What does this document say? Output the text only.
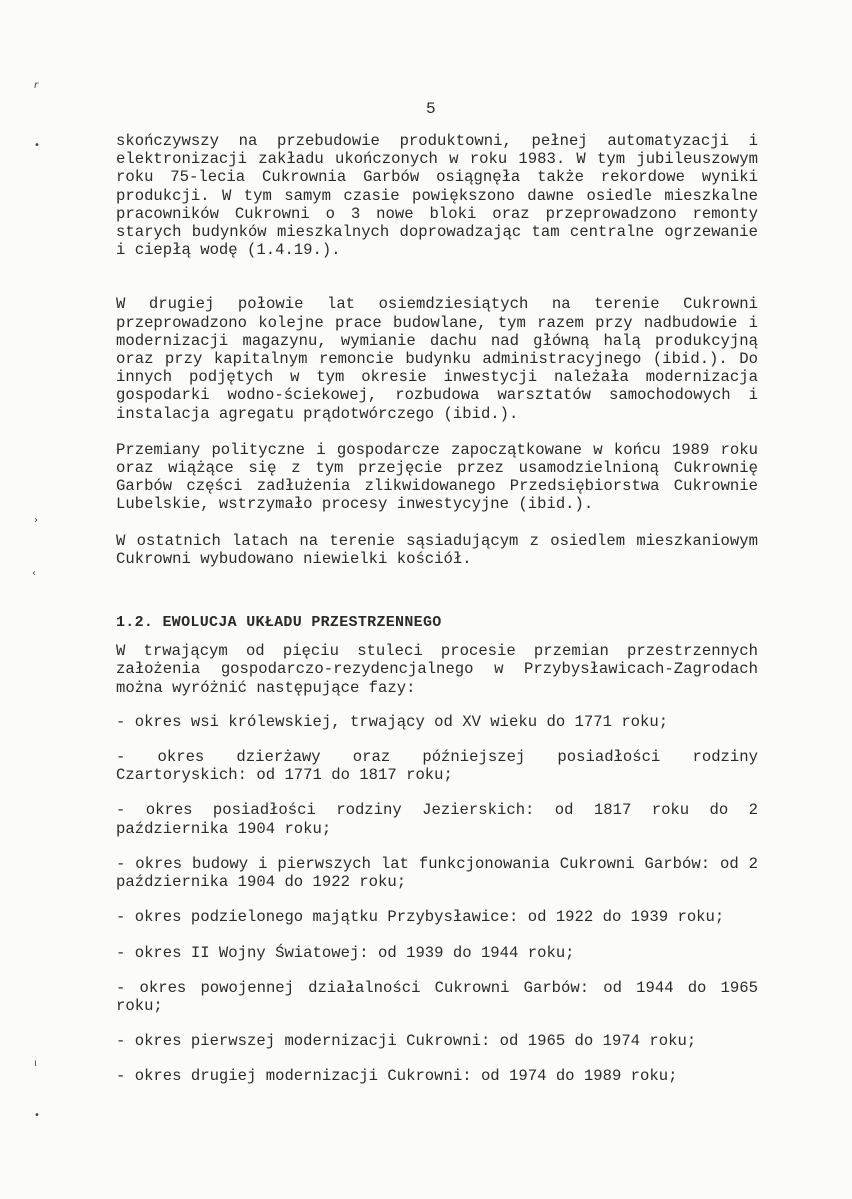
r
•
›
‹
ı
•
5

skończywszy na przebudowie produktowni, pełnej automatyzacji i elektronizacji zakładu ukończonych w roku 1983. W tym jubileuszowym roku 75-lecia Cukrownia Garbów osiągnęła także rekordowe wyniki produkcji. W tym samym czasie powiększono dawne osiedle mieszkalne pracowników Cukrowni o 3 nowe bloki oraz przeprowadzono remonty starych budynków mieszkalnych doprowadzając tam centralne ogrzewanie i ciepłą wodę (1.4.19.).

W drugiej połowie lat osiemdziesiątych na terenie Cukrowni przeprowadzono kolejne prace budowlane, tym razem przy nadbudowie i modernizacji magazynu, wymianie dachu nad główną halą produkcyjną oraz przy kapitalnym remoncie budynku administracyjnego (ibid.). Do innych podjętych w tym okresie inwestycji należała modernizacja gospodarki wodno-ściekowej, rozbudowa warsztatów samochodowych i instalacja agregatu prądotwórczego (ibid.).

Przemiany polityczne i gospodarcze zapoczątkowane w końcu 1989 roku oraz wiążące się z tym przejęcie przez usamodzielnioną Cukrownię Garbów części zadłużenia zlikwidowanego Przedsiębiorstwa Cukrownie Lubelskie, wstrzymało procesy inwestycyjne (ibid.).

W ostatnich latach na terenie sąsiadującym z osiedlem mieszkaniowym Cukrowni wybudowano niewielki kościół.

1.2. EWOLUCJA UKŁADU PRZESTRZENNEGO

W trwającym od pięciu stuleci procesie przemian przestrzennych założenia gospodarczo-rezydencjalnego w Przybysławicach-Zagrodach można wyróżnić następujące fazy:

- okres wsi królewskiej, trwający od XV wieku do 1771 roku;
- okres dzierżawy oraz późniejszej posiadłości rodziny Czartoryskich: od 1771 do 1817 roku;
- okres posiadłości rodziny Jezierskich: od 1817 roku do 2 października 1904 roku;
- okres budowy i pierwszych lat funkcjonowania Cukrowni Garbów: od 2 października 1904 do 1922 roku;
- okres podzielonego majątku Przybysławice: od 1922 do 1939 roku;
- okres II Wojny Światowej: od 1939 do 1944 roku;
- okres powojennej działalności Cukrowni Garbów: od 1944 do 1965 roku;
- okres pierwszej modernizacji Cukrowni: od 1965 do 1974 roku;
- okres drugiej modernizacji Cukrowni: od 1974 do 1989 roku;
